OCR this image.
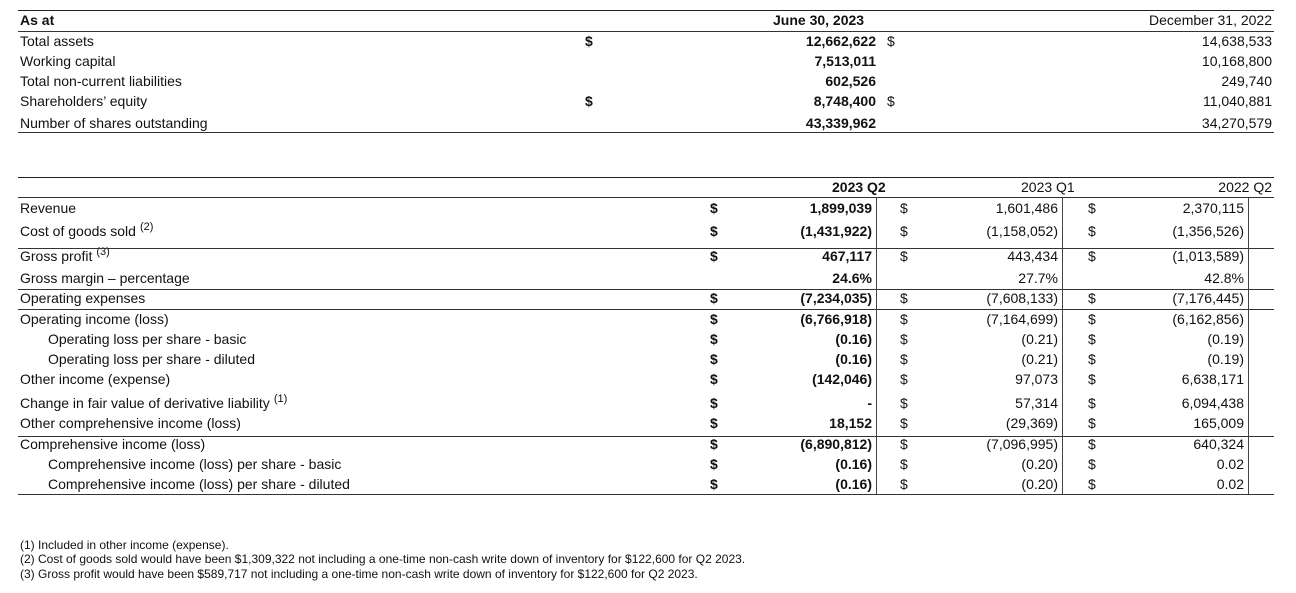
As at	June 30, 2023	December 31, 2022
Total assets	$	12,662,622 $	14,638,533
Working capital	7,513,011	10,168,800
Total non-current liabilities	602,526	249,740
Shareholders’ equity	$	8,748,400 $	11,040,881
Number of shares outstanding	43,339,962	34,270,579
2023 Q2	2023 Q1	2022 Q2
Revenue	$	1,899,039 $	1,601,486 $	2,370,115
Cost of goods sold $^{(2)}$	$	(1,431,922) $	(1,158,052) $	(1,356,526)
Gross profit $^{(3)}$	$	467,117 $	443,434 $	(1,013,589)
Gross margin – percentage	24.6%	27.7%	42.8%
Operating expenses	$	(7,234,035) $	(7,608,133) $	(7,176,445)
Operating income (loss)	$	(6,766,918) $	(7,164,699) $	(6,162,856)
Operating loss per share - basic	$	(0.16) $	(0.21) $	(0.19)
Operating loss per share - diluted	$	(0.16) $	(0.21) $	(0.19)
Other income (expense)	$	(142,046) $	97,073 $	6,638,171
Change in fair value of derivative liability $^{(1)}$	$	- $	57,314 $	6,094,438
Other comprehensive income (loss)	$	18,152 $	(29,369) $	165,009
Comprehensive income (loss)	$	(6,890,812) $	(7,096,995) $	640,324
Comprehensive income (loss) per share - basic	$	(0.16) $	(0.20) $	0.02
Comprehensive income (loss) per share - diluted	$	(0.16) $	(0.20) $	0.02
(1) Included in other income (expense).
(2) Cost of goods sold would have been $1,309,322 not including a one-time non-cash write down of inventory for $122,600 for Q2 2023.
(3) Gross profit would have been $589,717 not including a one-time non-cash write down of inventory for $122,600 for Q2 2023.
